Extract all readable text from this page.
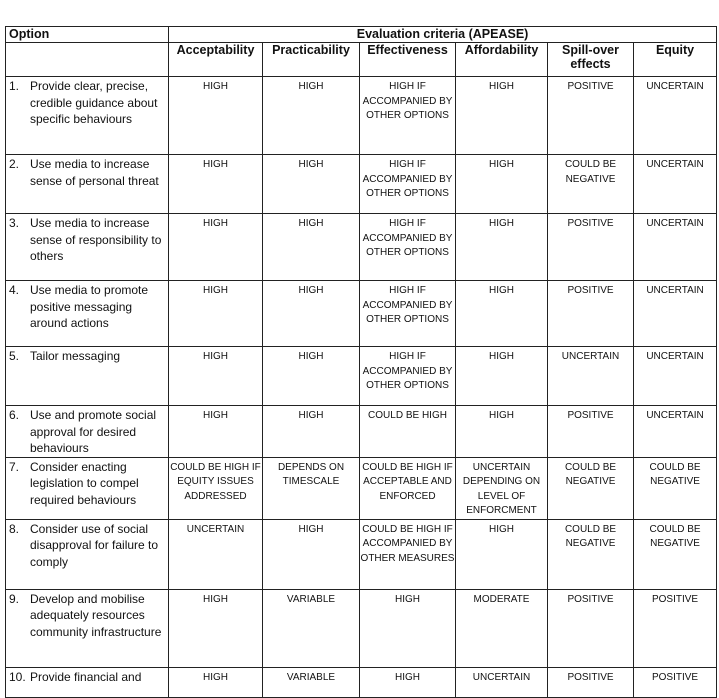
Option	Evaluation criteria (APEASE)					
	Acceptability	Practicability	Effectiveness	Affordability	Spill-over effects	Equity

1. Provide clear, precise, credible guidance about specific behaviours	HIGH	HIGH	HIGH IF ACCOMPANIED BY OTHER OPTIONS	HIGH	POSITIVE	UNCERTAIN

2. Use media to increase sense of personal threat	HIGH	HIGH	HIGH IF ACCOMPANIED BY OTHER OPTIONS	HIGH	COULD BE NEGATIVE	UNCERTAIN

3. Use media to increase sense of responsibility to others	HIGH	HIGH	HIGH IF ACCOMPANIED BY OTHER OPTIONS	HIGH	POSITIVE	UNCERTAIN

4. Use media to promote positive messaging around actions	HIGH	HIGH	HIGH IF ACCOMPANIED BY OTHER OPTIONS	HIGH	POSITIVE	UNCERTAIN

5. Tailor messaging	HIGH	HIGH	HIGH IF ACCOMPANIED BY OTHER OPTIONS	HIGH	UNCERTAIN	UNCERTAIN

6. Use and promote social approval for desired behaviours	HIGH	HIGH	COULD BE HIGH	HIGH	POSITIVE	UNCERTAIN

7. Consider enacting legislation to compel required behaviours	COULD BE HIGH IF EQUITY ISSUES ADDRESSED	DEPENDS ON TIMESCALE	COULD BE HIGH IF ACCEPTABLE AND ENFORCED	UNCERTAIN DEPENDING ON LEVEL OF ENFORCMENT	COULD BE NEGATIVE	COULD BE NEGATIVE

8. Consider use of social disapproval for failure to comply	UNCERTAIN	HIGH	COULD BE HIGH IF ACCOMPANIED BY OTHER MEASURES	HIGH	COULD BE NEGATIVE	COULD BE NEGATIVE

9. Develop and mobilise adequately resources community infrastructure	HIGH	VARIABLE	HIGH	MODERATE	POSITIVE	POSITIVE

10. Provide financial and	HIGH	VARIABLE	HIGH	UNCERTAIN	POSITIVE	POSITIVE
